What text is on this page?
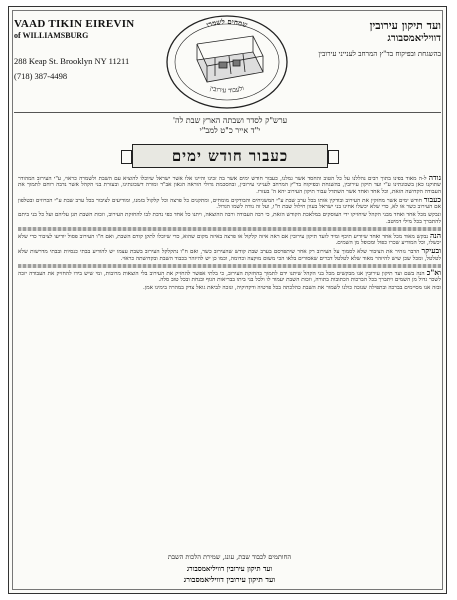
VAAD TIKIN EIREVIN
of WILLIAMSBURG
288 Keap St. Brooklyn NY 11211
(718) 387-4498
שמחים לשמרו
ולעבוד עירובין
ועד תיקון עירובין
דוויליאמסבורג
בהשגחת ובפיקוח בד"ץ המרחב לענייני עירובין
ערש"ק לסדר ושבתה הארץ שבת לה'
י"ד אייר כ"ט למב"י
כעבור חודש ימים

נודה ל-ה מאוד בפינו בתוך רבים נהללנו על כל הטוב והחסד אשר גמלנו, כעבור חודש ימים אשר בה זכינו והיינו אלו אשר ישראל שיוכלו להוציא עם השבת ולשמרה כראוי, ע"י העירוב המהודר שתוקנו כאן בשכונתינו ע"י ועד תיקון עירובין, בהשגחת ובפיקוח בד"ץ המרחב לענייני עירובין, ובהסכמת גדולי הוראה הגאון אב"ד ומורה דשכונתינו, ובעזרת בני הקהל אשר נדבה רוחם לתמוך את העבודה הקדושה הזאת, וכל אחד ואחד אשר השתדל עבור תיקון העירוב יהא ה' בעזרו.

כעבור חודש ימים אשר מחזקין את העירוב ובודקין אותו בכל ערב שבת ע"י המשגיחים והבודקים מומחים, ומתקנים כל פרצה וכל קלקול בזמנו, ומודיעים לציבור בכל ערב שבת ע"י הכרוזים ובטלפון אם העירוב כשר או לא, כדי שלא יכשלו אחינו בני ישראל בעוון חילול שבת ח"ו, ועל זה נודה לשמו הגדול.

ונבקש מכל אחד ואחד מבני הקהל שיחזיקו ידי העוסקים במלאכת הקודש הזאת, כי רבה העבודה ורבה ההוצאה, ויתנו כל אחד כפי נדבת לבו להחזקת העירוב, וזכות השבת תגן עליהם ועל כל בני ביתם להתברך בכל מילי דמיטב.

הנה נבקש מאוד מכל אחד ואחד שיודיע תיכף ומיד לועד תיקון עירובין אם ראה איזה קלקול או פרצה באיזה מקום שהוא, כדי שיוכלו לתקן קודם השבת, ואם ח"ו העירוב פסול יודיעו לציבור כדי שלא יכשלו, וכל המודיע שכרו כפול ומכופל מן השמים.

ובעיקר הדבר נזהיר את הציבור שלא לסמוך על העירוב רק אחר שיתפרסם בערב שבת קודש שהעירוב כשר, ואם ח"ו נתקלקל העירוב בשבת עצמו יש להודיע בבתי כנסיות ובבתי מדרשות שלא לטלטל, ומכל שכן שיש להיזהר מאוד שלא לטלטל דברים שאסורים בלאו הכי משום מוקצה וכדומה, וכמו כן יש להיזהר בכבוד השבת ובקדושתה כראוי.

וא"כ הנה בשם ועד תיקון עירובין אנו מבקשים מכל בני הקהל שיתנו ידם לתמוך בהחזקת העירוב, כי בלתי אפשר להחזיק את העירוב בלי הוצאות מרובות, ומי שיש בידו להחזיק את העבודה יזכה לשכר גדול מן השמים ויתברך בכל הברכות הכתובות בתורה, וזכות השבת יעמוד לו ולכל בני ביתו בבריאות הגוף ובנחת ובכל טוב סלה.

ובזה אנו מסיימים בברכה ובתפילה שנזכה כולנו לשמור את השבת כהלכתה בכל פרטיה ודקדוקיה, ונזכה לביאת גואל צדק במהרה בימינו אמן.

החותמים לכבוד שבת, עונג, שמירת הלכות השבת
ועד תיקון עירובין דוויליאמסבורג
ועד תיקון עירובין דוויליאמסבורג
